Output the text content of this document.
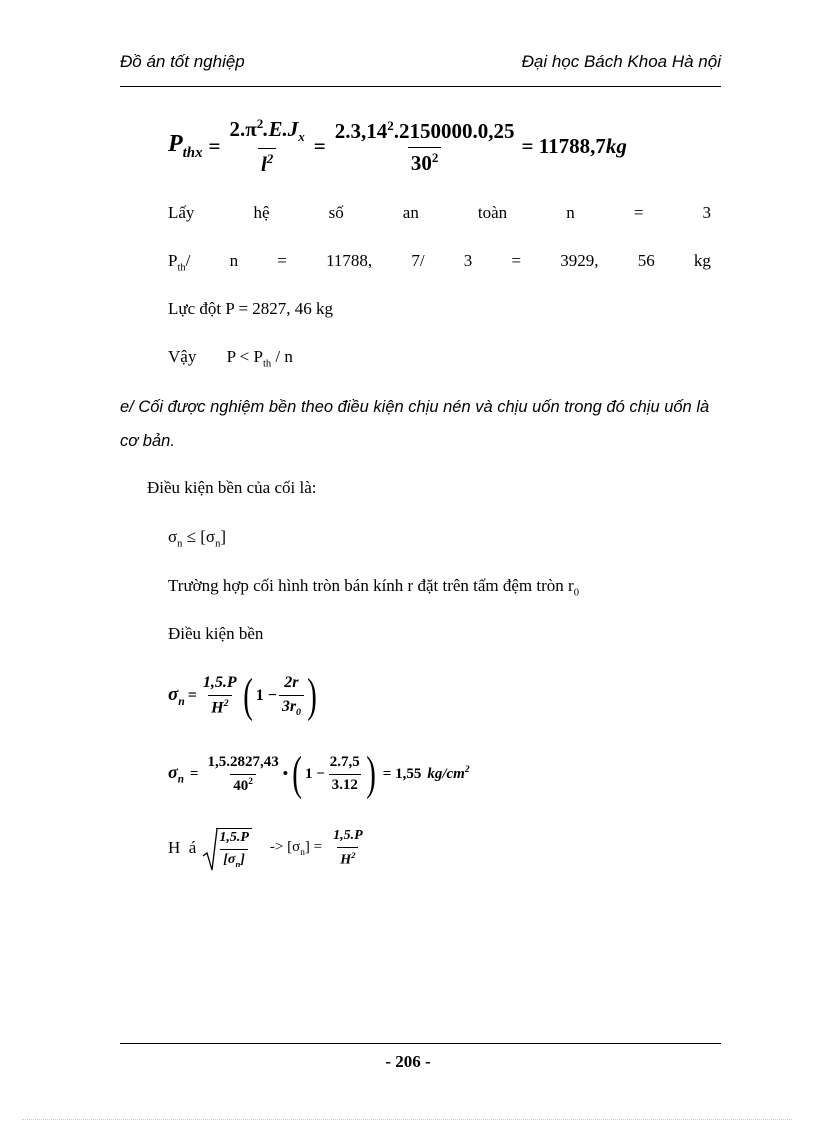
Đồ án tốt nghiệp	Đại học Bách Khoa Hà nội
$P_{thx} = \frac{2.\pi^2.E.J_x}{l^2} = \frac{2.3,14^2.2150000.0,25}{30^2} = 11788,7$ kg
Lấy	hệ	số	an	toàn	n	=	3
$P_{th}/$ n = 11788, 7/ 3 = 3929, 56 kg
Lực đột P = 2827, 46 kg
Vậy $P < P_{th} / n$
e/ Cối được nghiệm bền theo điều kiện chịu nén và chịu uốn trong đó chịu uốn là cơ bản.
Điều kiện bền của cối là:
$\sigma_n \le [\sigma_n]$
Trường hợp cối hình tròn bán kính r đặt trên tấm đệm tròn $r_0$
Điều kiện bền
$\sigma_n = \frac{1,5.P}{H^2}$ ( $1 - \frac{2r}{3r_0}$ )
$\sigma_n = \frac{1,5.2827,43}{40^2}$ • ( $1 - \frac{2.7,5}{3.12}$ ) = 1,55 $kg/cm^2$
H  á $\frac{1,5.P}{[\sigma_n]} -> [\sigma_n] = \frac{1,5.P}{H^2}$
- 206 -
